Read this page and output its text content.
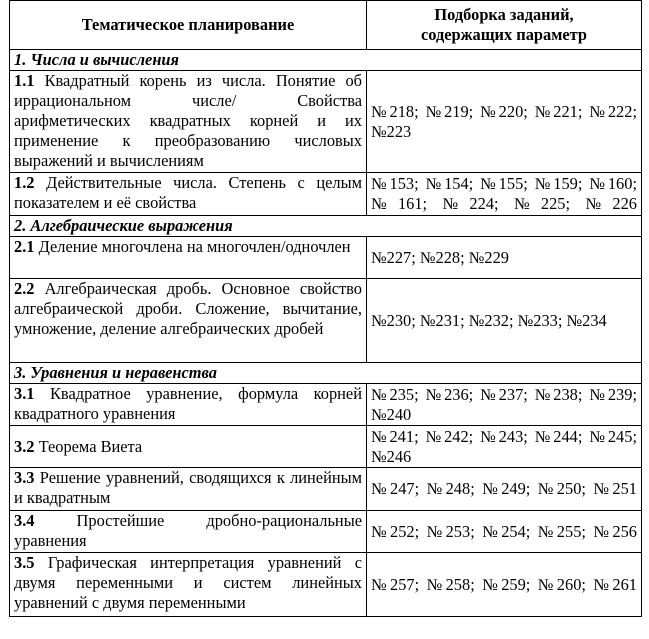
Тематическое планирование	Подборка заданий,
содержащих параметр
1. Числа и вычисления	
1.1 Квадратный корень из числа. Понятие об иррациональном числе/ Свойства арифметических квадратных корней и их применение к преобразованию числовых выражений и вычислениям	№218; №219; №220; №221; №222; №223
1.2 Действительные числа. Степень с целым показателем и её свойства	№153; №154; №155; №159; №160; №161; №224; №225; №226
2. Алгебраические выражения	
2.1 Деление многочлена на многочлен/одночлен	№227; №228; №229
2.2 Алгебраическая дробь. Основное свойство алгебраической дроби. Сложение, вычитание, умножение, деление алгебраических дробей	№230; №231; №232; №233; №234
3. Уравнения и неравенства	
3.1 Квадратное уравнение, формула корней квадратного уравнения	№235; №236; №237; №238; №239; №240
3.2 Теорема Виета	№241; №242; №243; №244; №245; №246
3.3 Решение уравнений, сводящихся к линейным и квадратным	№247; №248; №249; №250; №251
3.4 Простейшие дробно-рациональные уравнения	№252; №253; №254; №255; №256
3.5 Графическая интерпретация уравнений с двумя переменными и систем линейных уравнений с двумя переменными	№257; №258; №259; №260; №261
